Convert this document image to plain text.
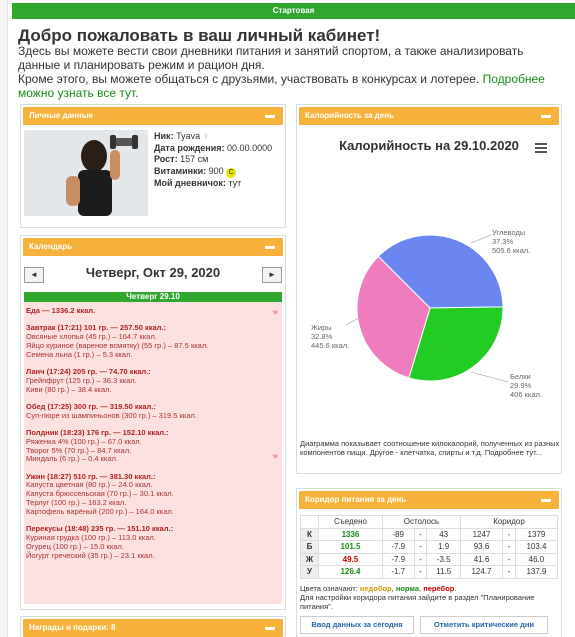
Стартовая
Добро пожаловать в ваш личный кабинет!
Здесь вы можете вести свои дневники питания и занятий спортом, а также анализировать данные и планировать режим и рацион дня.
Кроме этого, вы можете общаться с друзьями, участвовать в конкурсах и лотерее. Подробнее можно узнать все тут.
Личные данные	▬
Ник: Tyava ♀
Дата рождения: 00.00.0000
Рост: 157 см
Витаминки: 900 C
Мой дневничок: тут
Календарь	▬
◄	Четверг, Окт 29, 2020	►
Четверг 29.10
Еда — 1336.2 ккал.
Завтрак (17:21) 101 гр. — 257.50 ккал.:
Овсяные хлопья (45 гр.) – 164.7 ккал.
Яйцо куриное (вареное всмятку) (55 гр.) – 87.5 ккал.
Семена льна (1 гр.) – 5.3 ккал.
Ланч (17:24) 205 гр. — 74.70 ккал.:
Грейпфрут (125 гр.) – 36.3 ккал.
Киви (80 гр.) – 38.4 ккал.
Обед (17:25) 300 гр. — 319.50 ккал.:
Суп-пюре из шампиньонов (300 гр.) – 319.5 ккал.
Полдник (18:23) 176 гр. — 152.10 ккал.:
Ряженка 4% (100 гр.) – 67.0 ккал.
Творог 5% (70 гр.) – 84.7 ккал.
Миндаль (6 гр.) – 0.4 ккал.
Ужин (18:27) 510 гр. — 381.30 ккал.:
Капуста цветная (80 гр.) – 24.0 ккал.
Капуста брюссельская (70 гр.) – 30.1 ккал.
Терлуг (100 гр.) – 163.2 ккал.
Картофель варёный (200 гр.) – 164.0 ккал.
Перекусы (18:48) 235 гр. — 151.10 ккал.:
Куриная грудка (100 гр.) – 113.0 ккал.
Огурец (100 гр.) – 15.0 ккал.
Йогурт греческий (35 гр.) – 23.1 ккал.
☚
☚
Награды и подарки: 8	▬
Калорийность за день	▬
Калорийность на 29.10.2020
Углеводы
37.3%
505.6 ккал.
Белки
29.9%
406 ккал.
Жиры
32.8%
445.6 ккал.
Диаграмма показывает соотношение килокалорий, полученных из разных компонентов пищи. Другое - клетчатка, спирты и т.д. Подробнее тут...
Коридор питания за день	▬
	Съедено	Остолось			Коридор		
К	1336	-89	-	43	1247	-	1379
Б	101.5	-7.9	-	1.9	93.6	-	103.4
Ж	49.5	-7.9	-	-3.5	41.6	-	46.0
У	126.4	-1.7	-	11.5	124.7	-	137.9
Цвета означают: недобор, норма, перебор.
Для настройки коридора питания зайдите в раздел "Планирование питания".
Ввод данных за сегодня	Отметить критические дни
